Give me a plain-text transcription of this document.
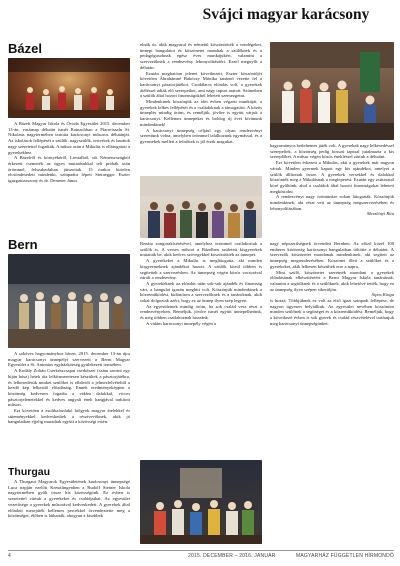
Svájci magyar karácsony
Bázel

A Bázeli Magyar Iskola és Óvoda Egyesület 2015. december 13-án, vasárnap délután ismét Rainachban a Pfarreisaaln St. Nikolaus nagytermében tartotta karácsonyi műsoros délutánját. Az iskolások fellépését a szülők, nagyszülők, testvérek és barátok nagy szeretettel fogadták. A műsor után a Mikulás is ellátogatott a gyerekekhez.

A Bázelről és környékéről, Liestalból, sőt Németországból érkezett csemeték az ügyes mutatásukkal telt próbák után örömmel, felszabadultan játszottak. 15 órakor hirtelen elcsöndesedett mindenki, színpadra lépett Steinegger Eszter igazgatóasszony és dr. Demeter János

Bern

A sokéves hagyományhoz híven, 2015. december 13-án újra magyar karácsonyi ünnepélyt szervezett a Berni Magyar Egyesület a St. Antonius egyházközség gyülekezeti termében.

A Kodály Zoltán Cserkészcsapat cserkészei (szám szerint egy híján húsz) hetek óta lelkiismeretesen készültek a pásztorjátékra, és lelkesedésük minket szülőket is elbűvölt a jelmezfelvételtől a kezdő kép lelkesítő előadásáig. Ennek eredményeképpen a közönség kedvesen fogadta a vidám dalokkal, vicces pásztorjelenetekkel és kedves angyali ének hangjával tarkított műsort.

Ezt követően a zsolikafonlakó hölgyek magyar ételekkel és süteményekkel kedveskedtek a résztvevőknek, akik jó hangulatban éjjelig maradtak együtt a közösségi estén.

Thurgau

A Thurgaui Magyarok Egyesületének karácsonyi ünnepsége Luca napján ezelőtt Kreuzlingenben a Rudolf Steiner Iskola nagytermében gyűlt össze kis közösségünk. Ez évben is szeretettel vártuk a gyerekeket és családjaikat. Az egyesület vezetősége a gyerekek műsorával kedveskedett. A gyerekek által előadott mesejáték kellemes percekkel örvendeztette meg a közönséget, élőben is láthatták, ahogyan a kisebbek

elnök úr, akik magyarul és németül köszöntötték a vendégeket, ünnepi hangulatot és köszönetet mondtak a szülőknek és a pedagógusoknak egész éves munkájukért, valamint a szervezőknek a rendezvény lebonyolításáért. Ezzel megnyílt a délután.

Ezután meghatóan jelenet következett, Eszter köszöntőjét követően Ábrahámné Bakóczy Mónika tanárnő vezette fel a karácsonyi pásztorjátékot. Csodálatos előadás volt, a gyerekek átéléssel adták elő szerepeiket, ami nagy tapsot aratott. Szünetben a szülők által hozott finomságokból lehetett szemezgetni.

Mindenkinek köszönjük az idei évben végzett munkáját, a gyerekek lelkes fellépését és a családoknak a támogatást. A közös ünneplés mindig öröm, és reméljük, jövőre is együtt várjuk a karácsonyt. Kellemes ünnepeket és boldog új évet kívánunk mindenkinek!

A karácsonyi ünnepség céljául egy olyan rendezvényt szerettünk volna, amelyben örömmel találkozunk egymással, és a gyermekek mellett a felnőttek is jól érzik magukat.

Renáta zongorakísérésével, amelyhez örömmel csatlakoztak a szülők is. A verses műsort a Bázelben született kisgyerekek mutatták be, akik kedves szövegekkel köszöntötték az ünnepet.

A gyerekeket a Mikulás is meglátogatta, aki minden kisgyermeknek ajándékot hozott. A szülők közül többen is segítettek a szervezésben. Az ünnepség végén közös vacsorával zárult a rendezvény.

A gyerekeknek az előadás után sok-sok ajándék és finomság várt, a hangulat igazán meghitt volt. Köszönjük mindenkinek a közreműködést, különösen a szervezőknek és a tanároknak, akik sokat dolgoztak azért, hogy ez az ünnep ilyen szép legyen.

Az egyesületnek mindig öröm, ha sok család vesz részt a rendezvényeken. Reméljük, jövőre ismét együtt ünnepelhetünk, és még többen csatlakoznak hozzánk.

A vidám karácsonyi ünnepély végén a

hagyományos betlehemes játék volt. A gyerekek nagy lelkesedéssel szerepeltek, a közönség pedig hosszú tapssal jutalmazta a kis szereplőket. A műsor végén közös énekléssel zártuk a délutánt.

Ezt követően érkezett a Mikulás, akit a gyerekek már nagyon vártak. Minden gyermek kapott egy kis ajándékot, amelyet a szülők állítottak össze. A gyerekek versekkel és dalokkal köszönték meg a Mikulásnak a meglepetést. Ezután egy zsúrasztal köré gyűltünk, ahol a családok által hozott finomságokat lehetett megkóstolni.

A rendezvényt nagy örömünkre sokan látogatták. Köszönjük mindenkinek, aki részt vett az ünnepség megszervezésében és lebonyolításában.

Meszlényi Rita

nagy népszerűségnek örvendett Bernben. Az előző közel 100 emberes közönség karácsonyi hangulatban töltötte a délutánt. A szervezők köszönetet mondanak mindenkinek, aki segített az ünnepség megrendezésében. Köszönet illeti a szülőket és a gyerekeket, akik lelkesen készültek erre a napra.

Mint szülő, köszönetet szeretnék mondani a gyerekek előadásának elkészítéséért a Berni Magyar Iskola tanárainak, valamint a segítőknek és a szülőknek, akik lehetővé tették, hogy ez az ünnepség ilyen szépen sikerüljön.

Sipos Kinga

is hozzá. Többjüknek ez volt az első igazi színpadi fellépése, de nagyon ügyesen helytálltak. Az egyesület nevében köszönöm minden szülőnek a segítséget és a közreműködést. Reméljük, hogy a következő évben is sok gyerek és család részvételével tarthatjuk meg karácsonyi ünnepségünket.

4	2015. DECEMBER – 2016. JANUÁR	MAGYARHÁZ FÜGGETLEN HÍRMONDÓ
